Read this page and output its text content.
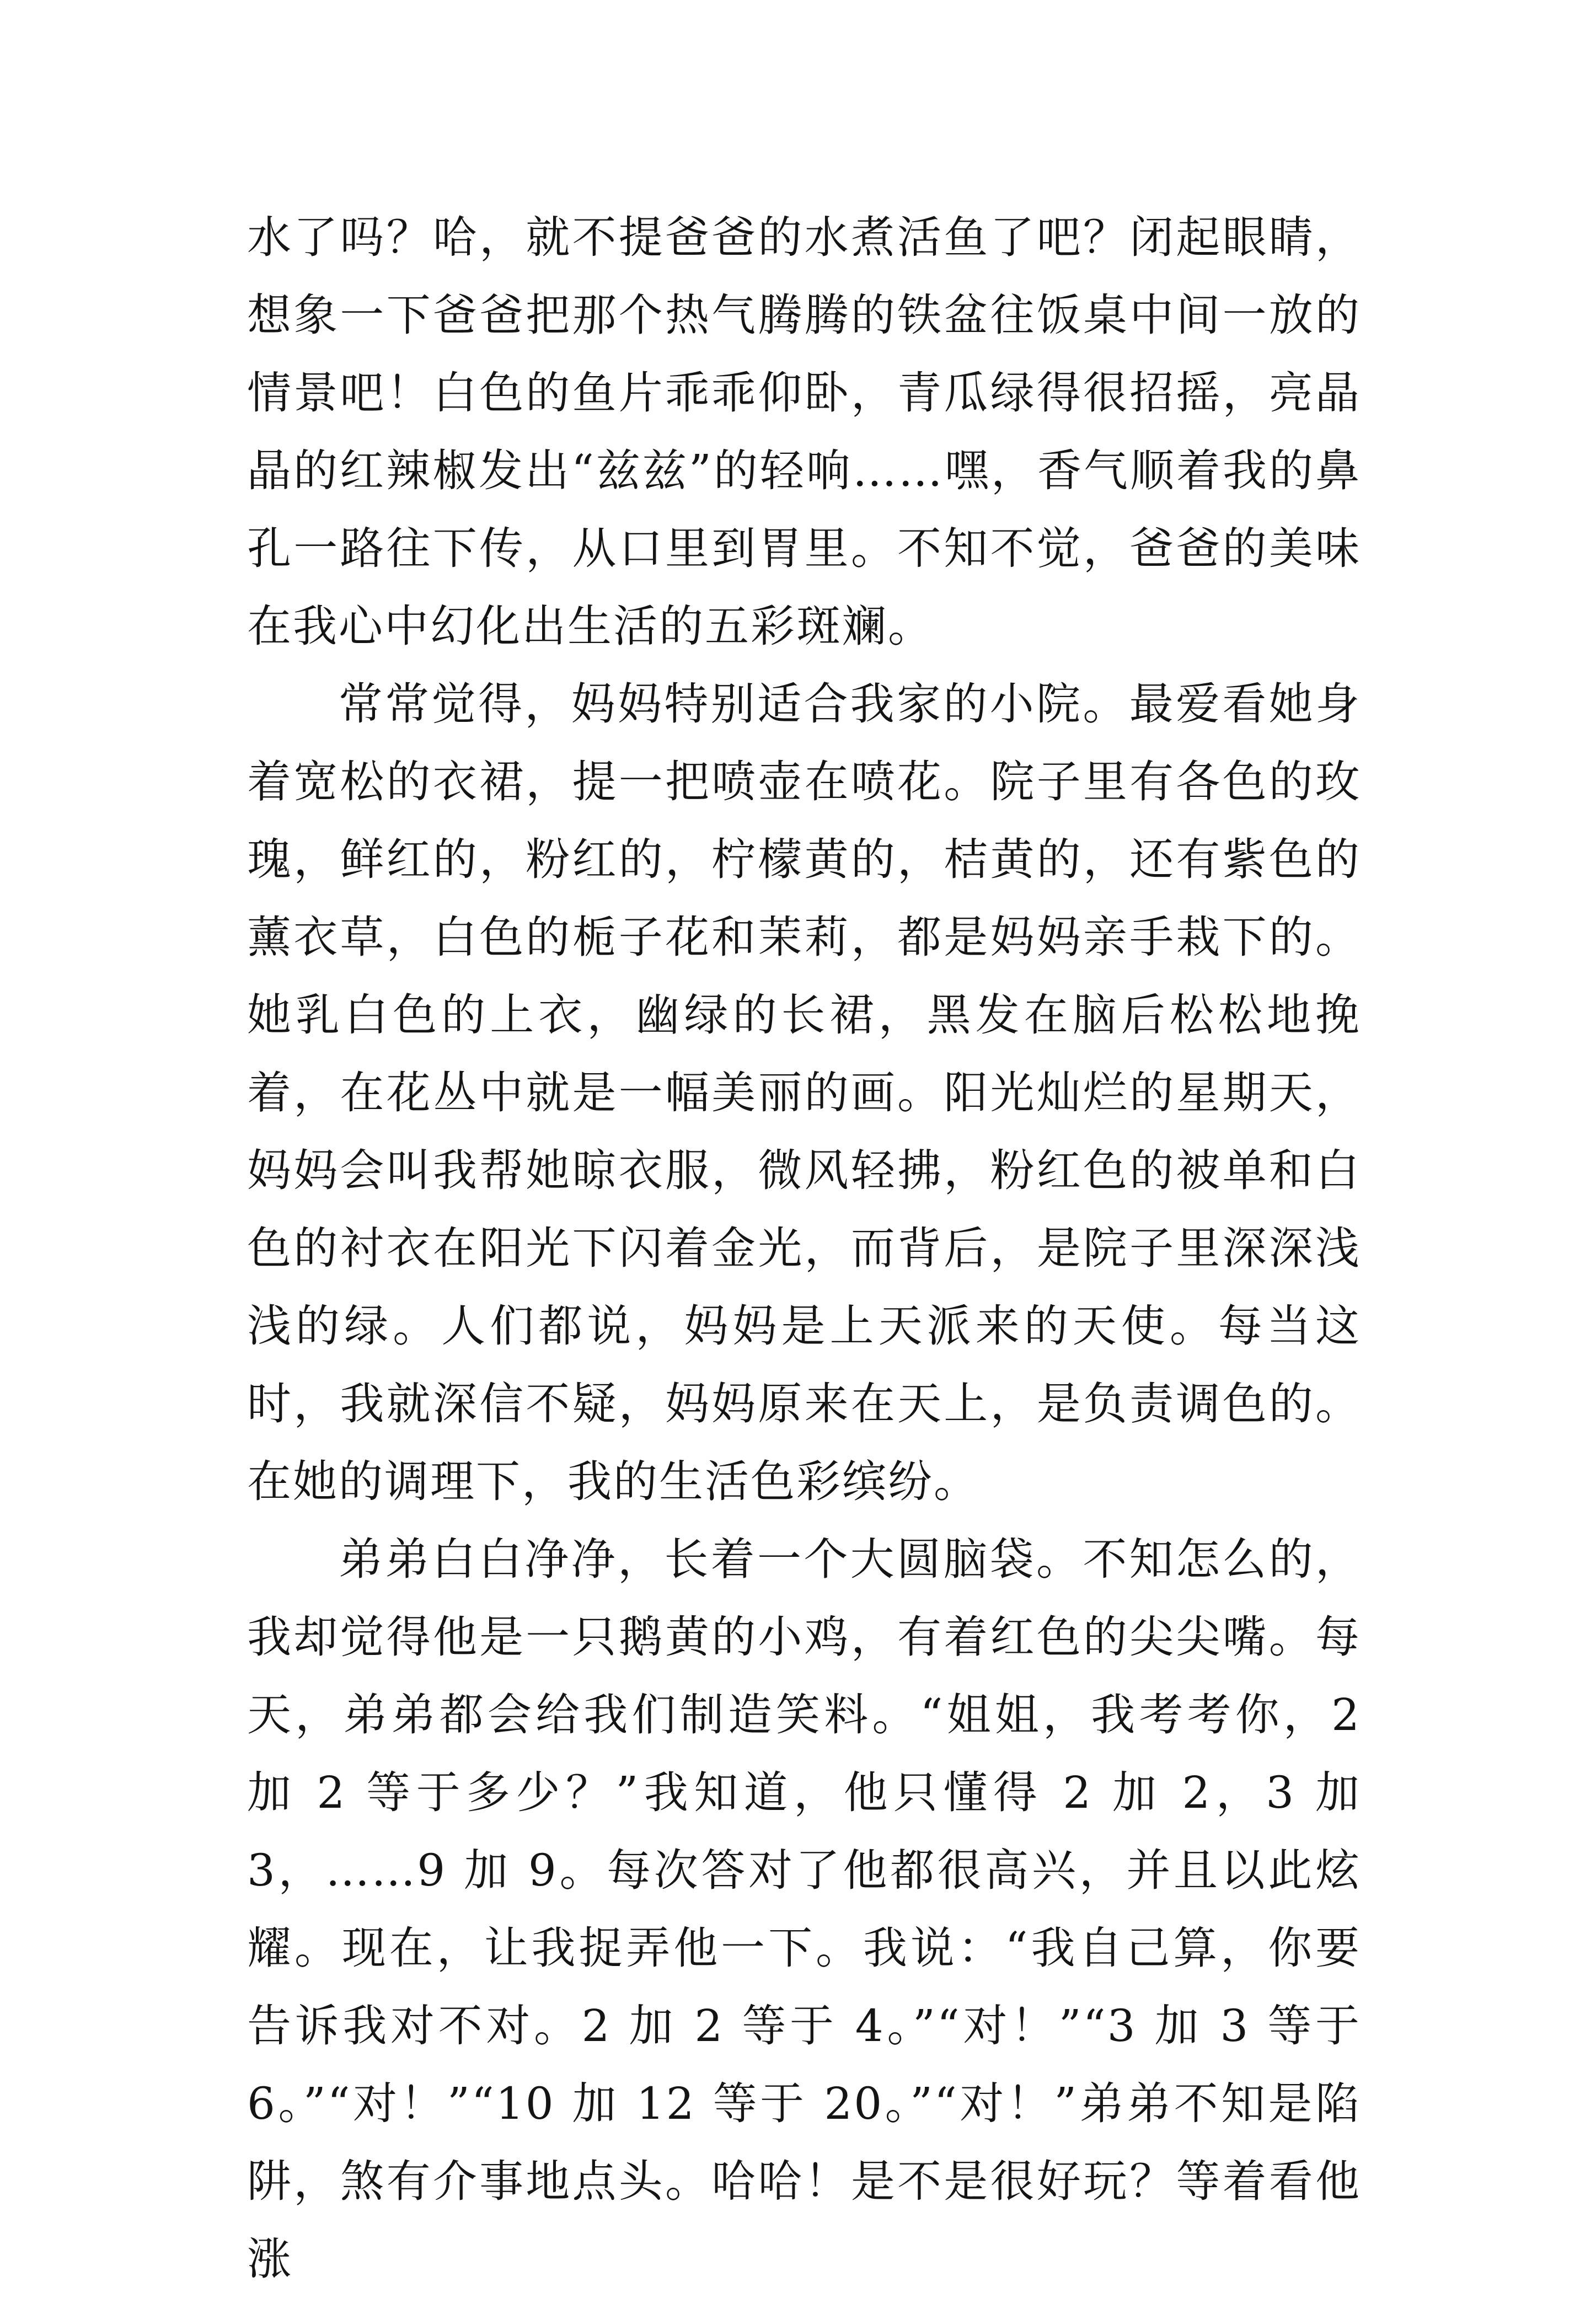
水了吗？哈，就不提爸爸的水煮活鱼了吧？闭起眼睛，想象一下爸爸把那个热气腾腾的铁盆往饭桌中间一放的情景吧！白色的鱼片乖乖仰卧，青瓜绿得很招摇，亮晶晶的红辣椒发出“兹兹”的轻响……嘿，香气顺着我的鼻孔一路往下传，从口里到胃里。不知不觉，爸爸的美味在我心中幻化出生活的五彩斑斓。

常常觉得，妈妈特别适合我家的小院。最爱看她身着宽松的衣裙，提一把喷壶在喷花。院子里有各色的玫瑰，鲜红的，粉红的，柠檬黄的，桔黄的，还有紫色的薰衣草，白色的栀子花和茉莉，都是妈妈亲手栽下的。她乳白色的上衣，幽绿的长裙，黑发在脑后松松地挽着，在花丛中就是一幅美丽的画。阳光灿烂的星期天，妈妈会叫我帮她晾衣服，微风轻拂，粉红色的被单和白色的衬衣在阳光下闪着金光，而背后，是院子里深深浅浅的绿。人们都说，妈妈是上天派来的天使。每当这时，我就深信不疑，妈妈原来在天上，是负责调色的。在她的调理下，我的生活色彩缤纷。

弟弟白白净净，长着一个大圆脑袋。不知怎么的，我却觉得他是一只鹅黄的小鸡，有着红色的尖尖嘴。每天，弟弟都会给我们制造笑料。“姐姐，我考考你，2 加 2 等于多少？”我知道，他只懂得 2 加 2，3 加 3，……9 加 9。每次答对了他都很高兴，并且以此炫耀。现在，让我捉弄他一下。我说：“我自己算，你要告诉我对不对。2 加 2 等于 4。”“对！”“3 加 3 等于 6。”“对！”“10 加 12 等于 20。”“对！”弟弟不知是陷阱，煞有介事地点头。哈哈！是不是很好玩？等着看他涨
